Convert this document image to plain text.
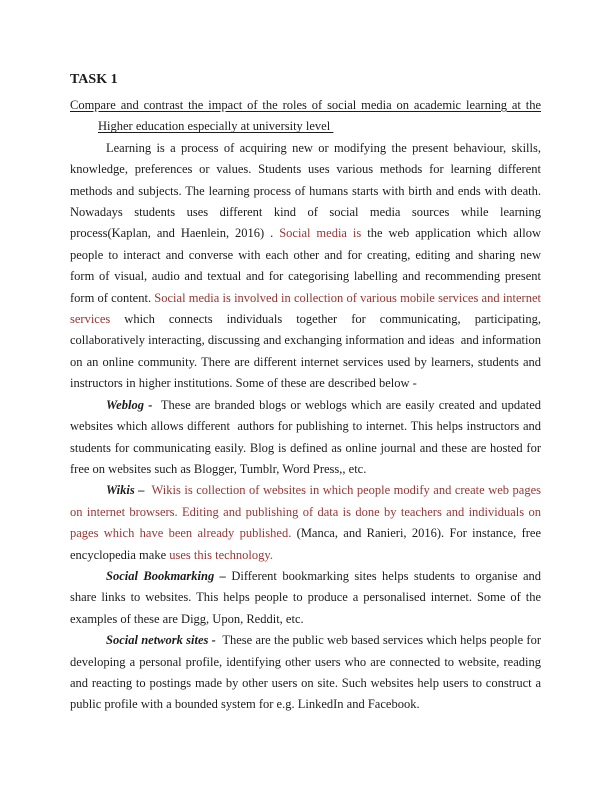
TASK 1

Compare and contrast the impact of the roles of social media on academic learning at the Higher education especially at university level

Learning is a process of acquiring new or modifying the present behaviour, skills, knowledge, preferences or values. Students uses various methods for learning different methods and subjects. The learning process of humans starts with birth and ends with death. Nowadays students uses different kind of social media sources while learning process(Kaplan, and Haenlein, 2016) . Social media is the web application which allow people to interact and converse with each other and for creating, editing and sharing new form of visual, audio and textual and for categorising labelling and recommending present form of content. Social media is involved in collection of various mobile services and internet services which connects individuals together for communicating, participating, collaboratively interacting, discussing and exchanging information and ideas  and information on an online community. There are different internet services used by learners, students and instructors in higher institutions. Some of these are described below -

Weblog -  These are branded blogs or weblogs which are easily created and updated websites which allows different  authors for publishing to internet. This helps instructors and students for communicating easily. Blog is defined as online journal and these are hosted for free on websites such as Blogger, Tumblr, Word Press,, etc.

Wikis –  Wikis is collection of websites in which people modify and create web pages on internet browsers. Editing and publishing of data is done by teachers and individuals on pages which have been already published. (Manca, and Ranieri, 2016). For instance, free encyclopedia make uses this technology.

Social Bookmarking – Different bookmarking sites helps students to organise and share links to websites. This helps people to produce a personalised internet. Some of the examples of these are Digg, Upon, Reddit, etc.

Social network sites -  These are the public web based services which helps people for developing a personal profile, identifying other users who are connected to website, reading and reacting to postings made by other users on site. Such websites help users to construct a public profile with a bounded system for e.g. LinkedIn and Facebook.
